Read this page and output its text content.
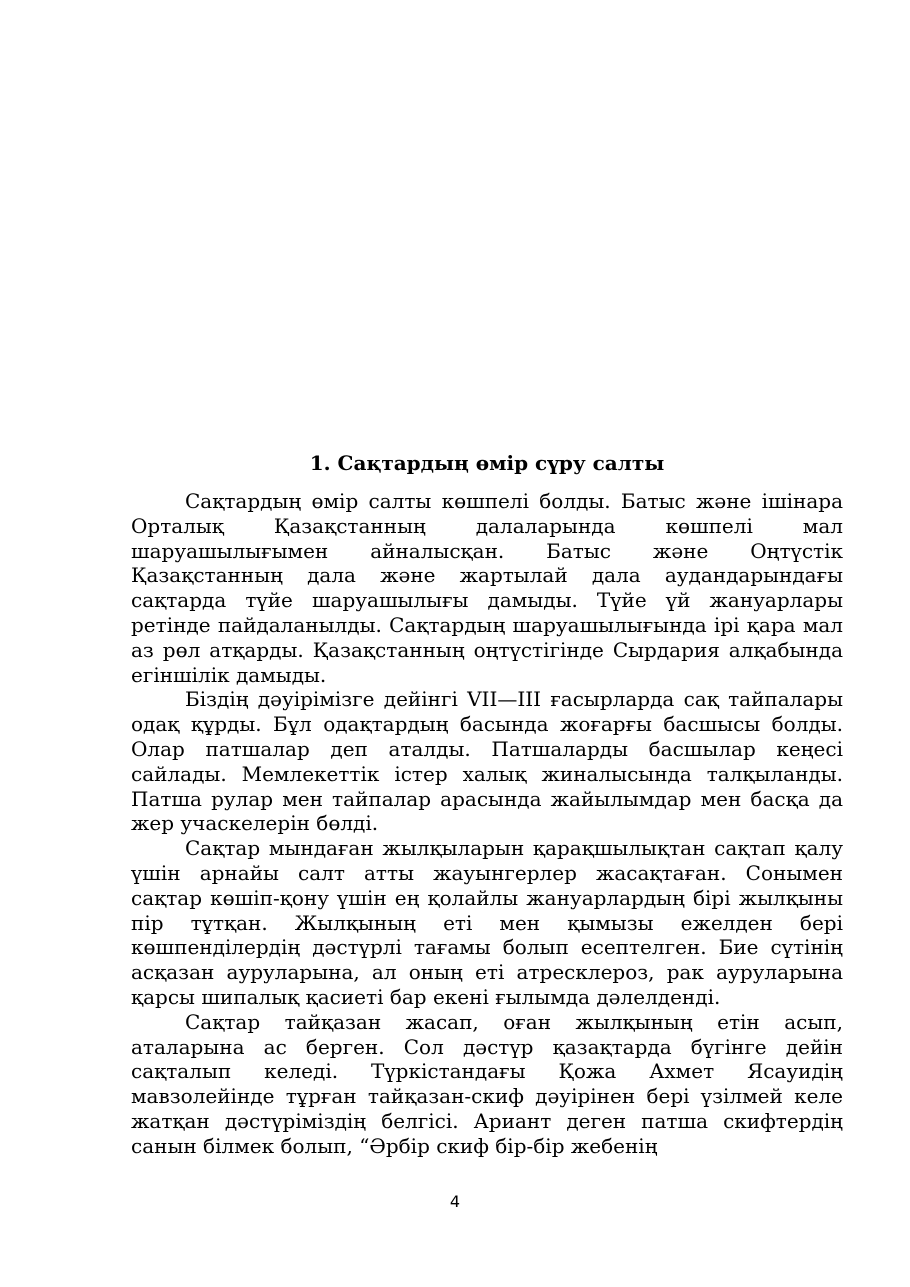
1. Сақтардың өмір сүру салты

Сақтардың өмір салты көшпелі болды. Батыс және ішінара Орталық Қазақстанның далаларында көшпелі мал шаруашылығымен айналысқан. Батыс және Оңтүстік Қазақстанның дала және жартылай дала аудандарындағы сақтарда түйе шаруашылығы дамыды. Түйе үй жануарлары ретінде пайдаланылды. Сақтардың шаруашылығында ірі қара мал аз рөл атқарды. Қазақстанның оңтүстігінде Сырдария алқабында егіншілік дамыды.

Біздің дәуірімізге дейінгі VII—III ғасырларда сақ тайпалары одақ құрды. Бұл одақтардың басында жоғарғы басшысы болды. Олар патшалар деп аталды. Патшаларды басшылар кеңесі сайлады. Мемлекеттік істер халық жиналысында талқыланды. Патша рулар мен тайпалар арасында жайылымдар мен басқа да жер учаскелерін бөлді.

Сақтар мындаған жылқыларын қарақшылықтан сақтап қалу үшін арнайы салт атты жауынгерлер жасақтаған. Сонымен сақтар көшіп-қону үшін ең қолайлы жануарлардың бірі жылқыны пір тұтқан. Жылқының еті мен қымызы ежелден бері көшпенділердің дәстүрлі тағамы болып есептелген. Бие сүтінің асқазан ауруларына, ал оның еті атресклероз, рак ауруларына қарсы шипалық қасиеті бар екені ғылымда дәлелденді.

Сақтар тайқазан жасап, оған жылқының етін асып, аталарына ас берген. Сол дәстүр қазақтарда бүгінге дейін сақталып келеді. Түркістандағы Қожа Ахмет Ясауидің мавзолейінде тұрған тайқазан-скиф дәуірінен бері үзілмей келе жатқан дәстүріміздің белгісі. Ариант деген патша скифтердің санын білмек болып, “Әрбір скиф бір-бір жебенің

4
